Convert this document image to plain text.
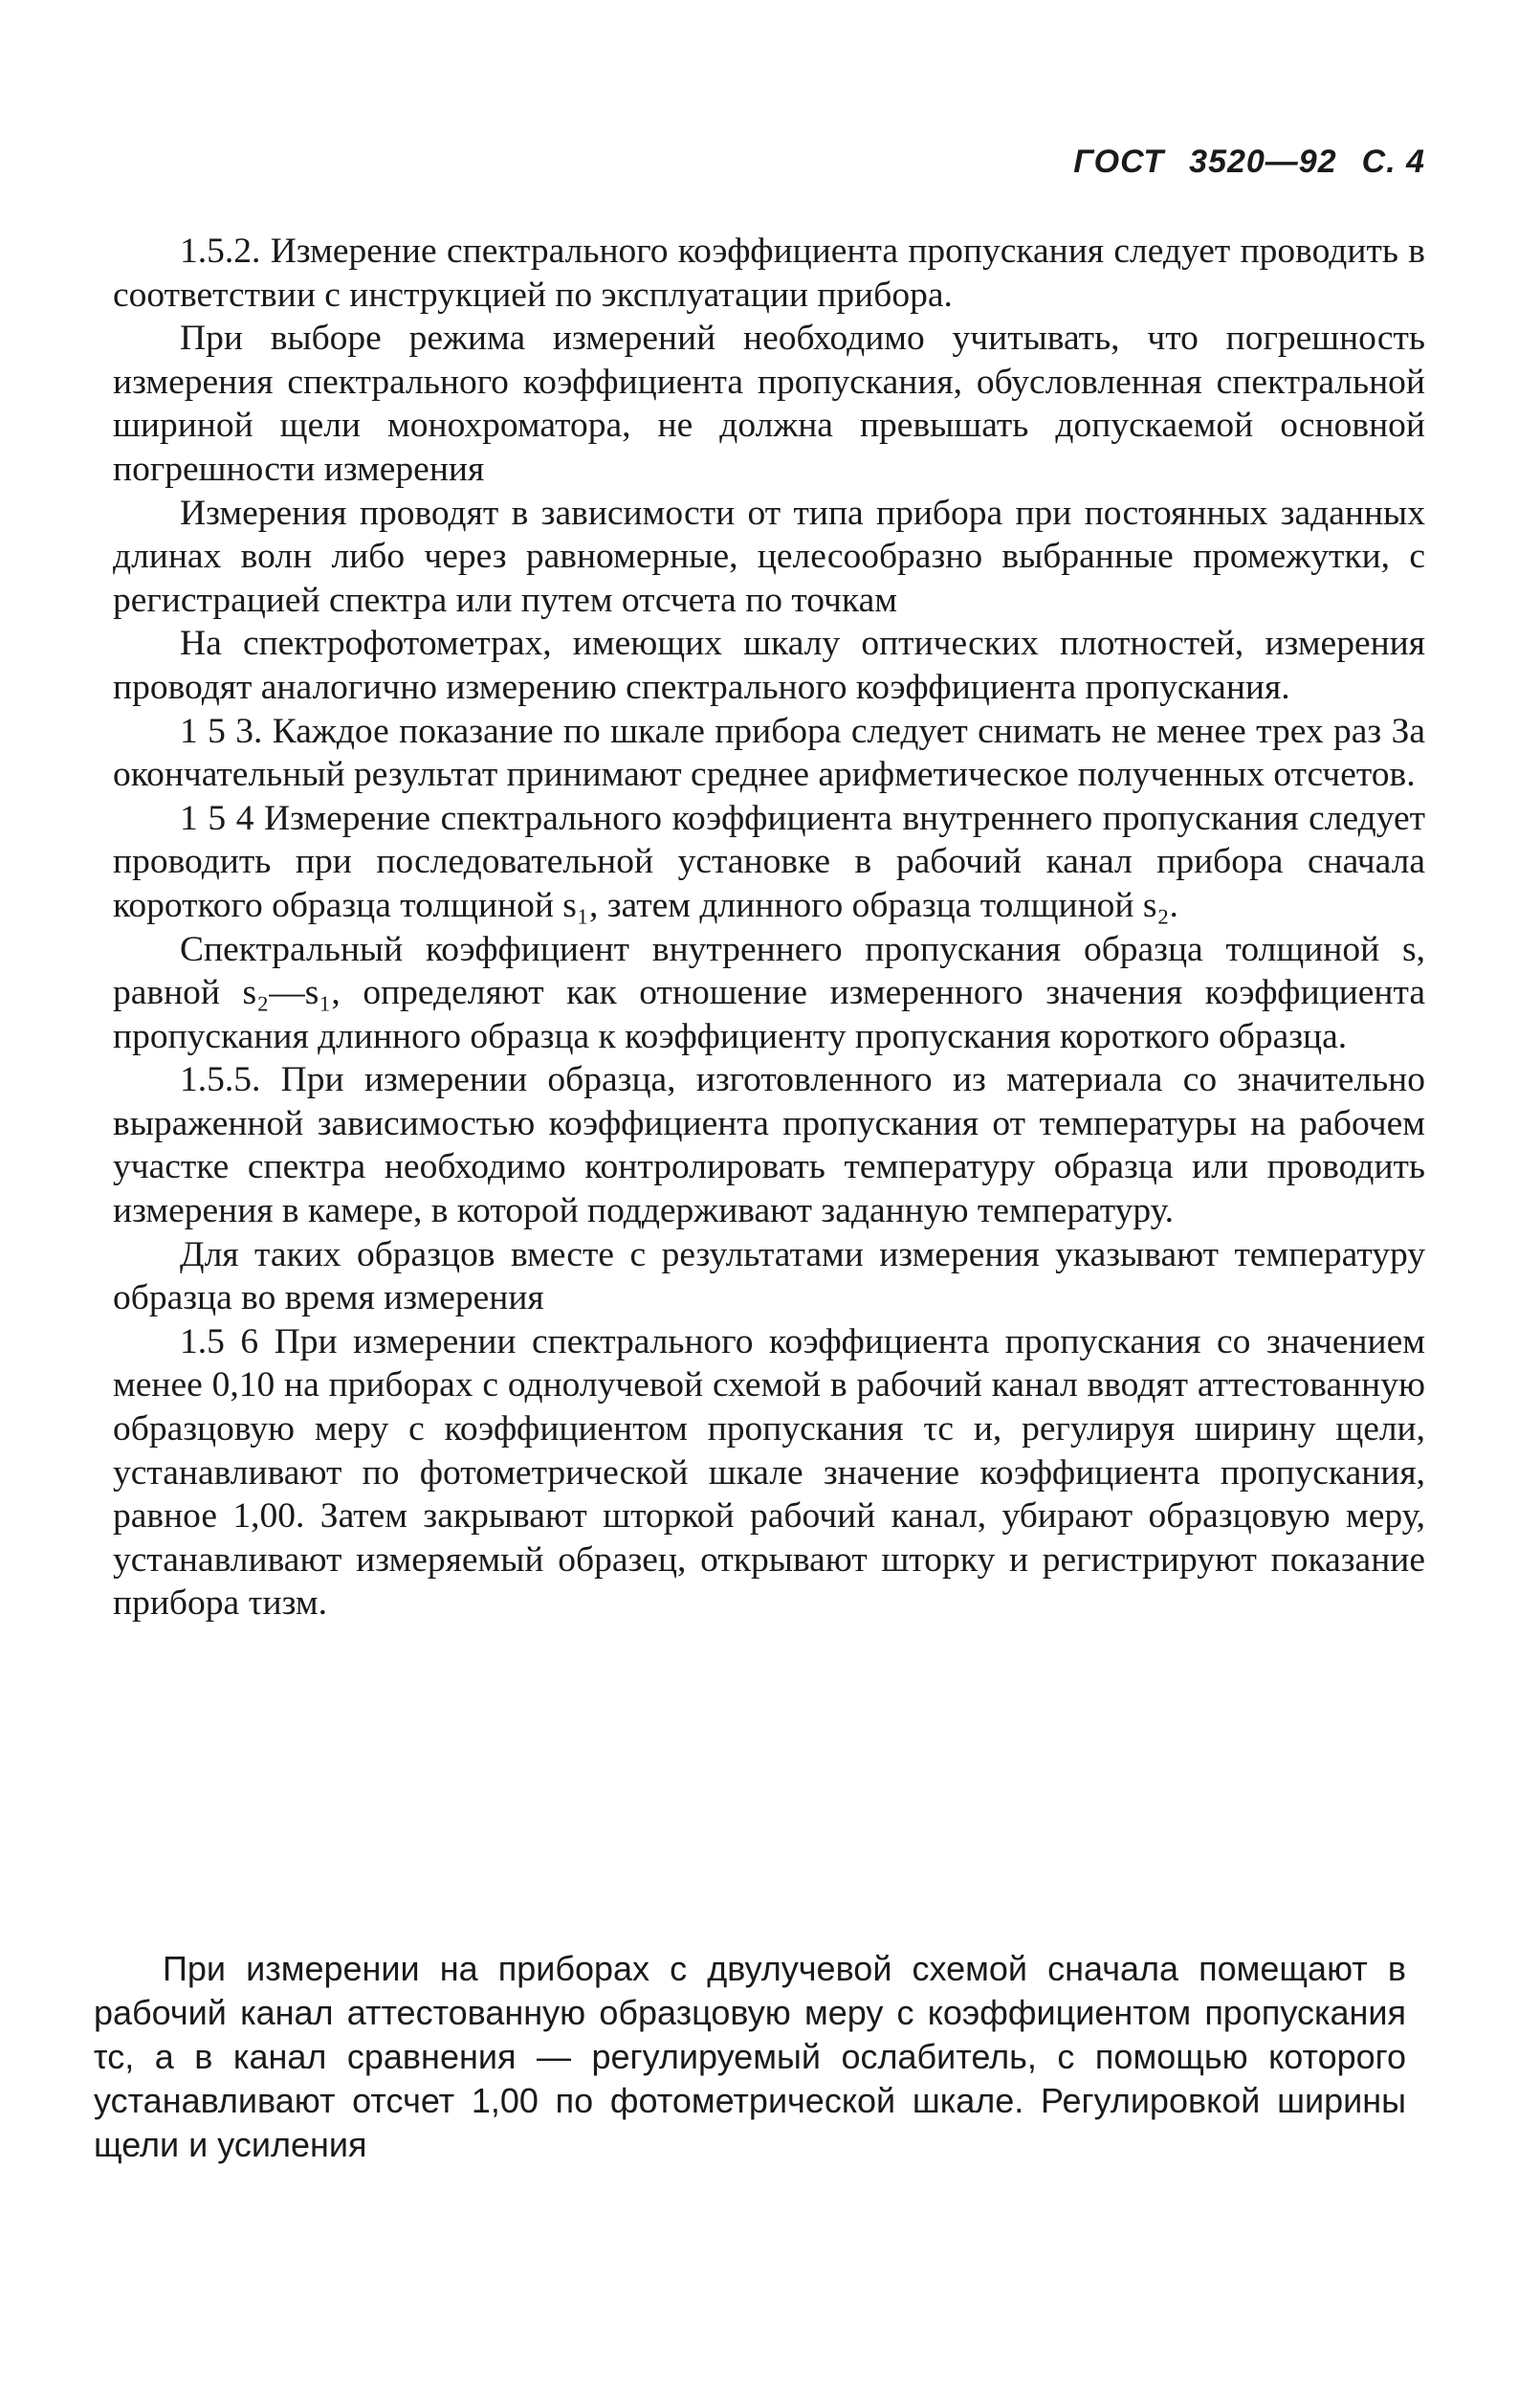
ГОСТ 3520—92 С. 4

1.5.2. Измерение спектрального коэффициента пропускания следует проводить в соответствии с инструкцией по эксплуатации прибора.

При выборе режима измерений необходимо учитывать, что погрешность измерения спектрального коэффициента пропускания, обусловленная спектральной шириной щели монохроматора, не должна превышать допускаемой основной погрешности измерения

Измерения проводят в зависимости от типа прибора при постоянных заданных длинах волн либо через равномерные, целесообразно выбранные промежутки, с регистрацией спектра или путем отсчета по точкам

На спектрофотометрах, имеющих шкалу оптических плотностей, измерения проводят аналогично измерению спектрального коэффициента пропускания.

1 5 3. Каждое показание по шкале прибора следует снимать не менее трех раз За окончательный результат принимают среднее арифметическое полученных отсчетов.

1 5 4 Измерение спектрального коэффициента внутреннего пропускания следует проводить при последовательной установке в рабочий канал прибора сначала короткого образца толщиной s₁, затем длинного образца толщиной s₂.

Спектральный коэффициент внутреннего пропускания образца толщиной s, равной s₂—s₁, определяют как отношение измеренного значения коэффициента пропускания длинного образца к коэффициенту пропускания короткого образца.

1.5.5. При измерении образца, изготовленного из материала со значительно выраженной зависимостью коэффициента пропускания от температуры на рабочем участке спектра необходимо контролировать температуру образца или проводить измерения в камере, в которой поддерживают заданную температуру.

Для таких образцов вместе с результатами измерения указывают температуру образца во время измерения

1.5 6 При измерении спектрального коэффициента пропускания со значением менее 0,10 на приборах с однолучевой схемой в рабочий канал вводят аттестованную образцовую меру с коэффициентом пропускания τc и, регулируя ширину щели, устанавливают по фотометрической шкале значение коэффициента пропускания, равное 1,00. Затем закрывают шторкой рабочий канал, убирают образцовую меру, устанавливают измеряемый образец, открывают шторку и регистрируют показание прибора τизм.

При измерении на приборах с двулучевой схемой сначала помещают в рабочий канал аттестованную образцовую меру с коэффициентом пропускания τc, а в канал сравнения — регулируемый ослабитель, с помощью которого устанавливают отсчет 1,00 по фотометрической шкале. Регулировкой ширины щели и усиления
